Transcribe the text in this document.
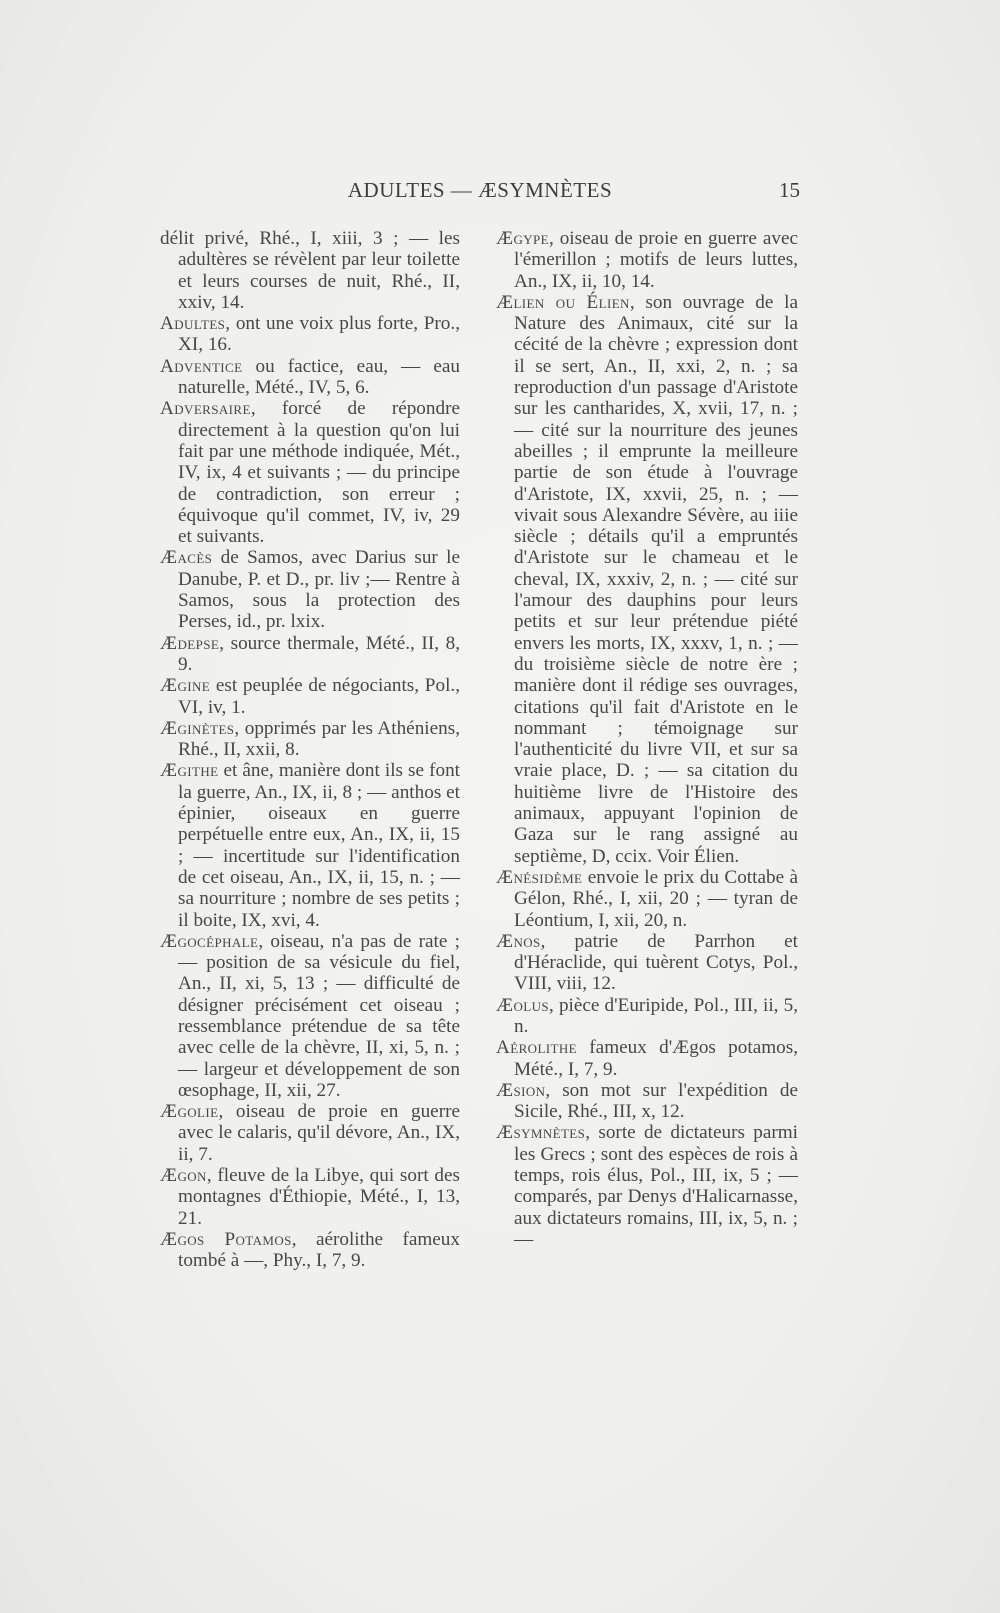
ADULTES — ÆSYMNÈTES	15

délit privé, Rhé., I, xiii, 3 ; — les adultères se révèlent par leur toilette et leurs courses de nuit, Rhé., II, xxiv, 14.

Adultes, ont une voix plus forte, Pro., XI, 16.

Adventice ou factice, eau, — eau naturelle, Mété., IV, 5, 6.

Adversaire, forcé de répondre directement à la question qu'on lui fait par une méthode indiquée, Mét., IV, ix, 4 et suivants ; — du principe de contradiction, son erreur ; équivoque qu'il commet, IV, iv, 29 et suivants.

Æacès de Samos, avec Darius sur le Danube, P. et D., pr. liv ;— Rentre à Samos, sous la protection des Perses, id., pr. lxix.

Ædepse, source thermale, Mété., II, 8, 9.

Ægine est peuplée de négociants, Pol., VI, iv, 1.

Æginètes, opprimés par les Athéniens, Rhé., II, xxii, 8.

Ægithe et âne, manière dont ils se font la guerre, An., IX, ii, 8 ; — anthos et épinier, oiseaux en guerre perpétuelle entre eux, An., IX, ii, 15 ; — incertitude sur l'identification de cet oiseau, An., IX, ii, 15, n. ; — sa nourriture ; nombre de ses petits ; il boite, IX, xvi, 4.

Ægocéphale, oiseau, n'a pas de rate ; — position de sa vésicule du fiel, An., II, xi, 5, 13 ; — difficulté de désigner précisément cet oiseau ; ressemblance prétendue de sa tête avec celle de la chèvre, II, xi, 5, n. ; — largeur et développement de son œsophage, II, xii, 27.

Ægolie, oiseau de proie en guerre avec le calaris, qu'il dévore, An., IX, ii, 7.

Ægon, fleuve de la Libye, qui sort des montagnes d'Éthiopie, Mété., I, 13, 21.

Ægos Potamos, aérolithe fameux tombé à —, Phy., I, 7, 9.

Ægype, oiseau de proie en guerre avec l'émerillon ; motifs de leurs luttes, An., IX, ii, 10, 14.

Ælien ou Élien, son ouvrage de la Nature des Animaux, cité sur la cécité de la chèvre ; expression dont il se sert, An., II, xxi, 2, n. ; sa reproduction d'un passage d'Aristote sur les cantharides, X, xvii, 17, n. ; — cité sur la nourriture des jeunes abeilles ; il emprunte la meilleure partie de son étude à l'ouvrage d'Aristote, IX, xxvii, 25, n. ; — vivait sous Alexandre Sévère, au iiie siècle ; détails qu'il a empruntés d'Aristote sur le chameau et le cheval, IX, xxxiv, 2, n. ; — cité sur l'amour des dauphins pour leurs petits et sur leur prétendue piété envers les morts, IX, xxxv, 1, n. ; — du troisième siècle de notre ère ; manière dont il rédige ses ouvrages, citations qu'il fait d'Aristote en le nommant ; témoignage sur l'authenticité du livre VII, et sur sa vraie place, D. ; — sa citation du huitième livre de l'Histoire des animaux, appuyant l'opinion de Gaza sur le rang assigné au septième, D, ccix. Voir Élien.

Ænésidème envoie le prix du Cottabe à Gélon, Rhé., I, xii, 20 ; — tyran de Léontium, I, xii, 20, n.

Ænos, patrie de Parrhon et d'Héraclide, qui tuèrent Cotys, Pol., VIII, viii, 12.

Æolus, pièce d'Euripide, Pol., III, ii, 5, n.

Aérolithe fameux d'Ægos potamos, Mété., I, 7, 9.

Æsion, son mot sur l'expédition de Sicile, Rhé., III, x, 12.

Æsymnètes, sorte de dictateurs parmi les Grecs ; sont des espèces de rois à temps, rois élus, Pol., III, ix, 5 ; — comparés, par Denys d'Halicarnasse, aux dictateurs romains, III, ix, 5, n. ; —
